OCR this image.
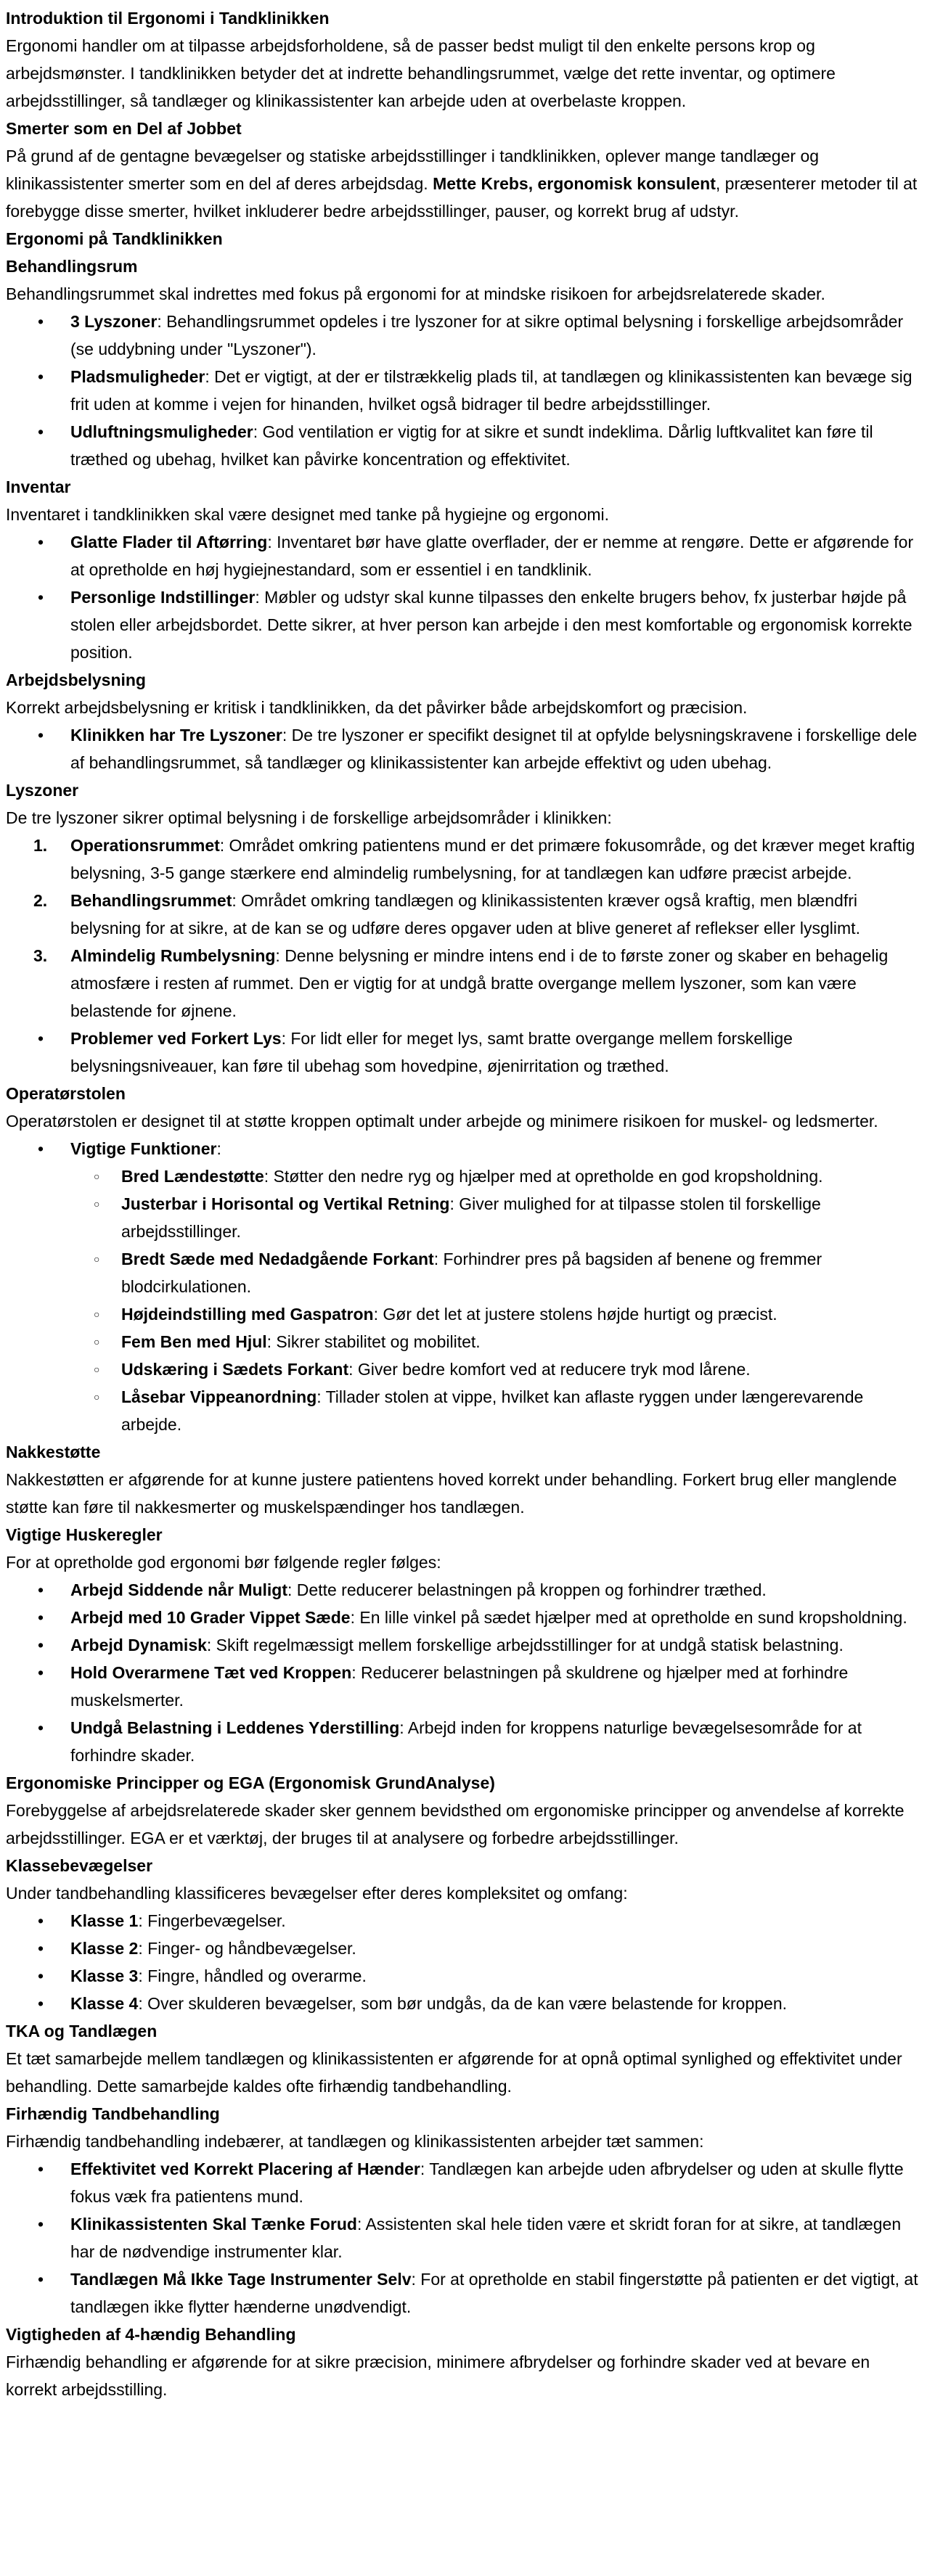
Introduktion til Ergonomi i Tandklinikken
Ergonomi handler om at tilpasse arbejdsforholdene, så de passer bedst muligt til den enkelte persons krop og arbejdsmønster. I tandklinikken betyder det at indrette behandlingsrummet, vælge det rette inventar, og optimere arbejdsstillinger, så tandlæger og klinikassistenter kan arbejde uden at overbelaste kroppen.
Smerter som en Del af Jobbet
På grund af de gentagne bevægelser og statiske arbejdsstillinger i tandklinikken, oplever mange tandlæger og klinikassistenter smerter som en del af deres arbejdsdag. Mette Krebs, ergonomisk konsulent, præsenterer metoder til at forebygge disse smerter, hvilket inkluderer bedre arbejdsstillinger, pauser, og korrekt brug af udstyr.
Ergonomi på Tandklinikken
Behandlingsrum
Behandlingsrummet skal indrettes med fokus på ergonomi for at mindske risikoen for arbejdsrelaterede skader.
• 3 Lyszoner: Behandlingsrummet opdeles i tre lyszoner for at sikre optimal belysning i forskellige arbejdsområder (se uddybning under "Lyszoner").
• Pladsmuligheder: Det er vigtigt, at der er tilstrækkelig plads til, at tandlægen og klinikassistenten kan bevæge sig frit uden at komme i vejen for hinanden, hvilket også bidrager til bedre arbejdsstillinger.
• Udluftningsmuligheder: God ventilation er vigtig for at sikre et sundt indeklima. Dårlig luftkvalitet kan føre til træthed og ubehag, hvilket kan påvirke koncentration og effektivitet.
Inventar
Inventaret i tandklinikken skal være designet med tanke på hygiejne og ergonomi.
• Glatte Flader til Aftørring: Inventaret bør have glatte overflader, der er nemme at rengøre. Dette er afgørende for at opretholde en høj hygiejnestandard, som er essentiel i en tandklinik.
• Personlige Indstillinger: Møbler og udstyr skal kunne tilpasses den enkelte brugers behov, fx justerbar højde på stolen eller arbejdsbordet. Dette sikrer, at hver person kan arbejde i den mest komfortable og ergonomisk korrekte position.
Arbejdsbelysning
Korrekt arbejdsbelysning er kritisk i tandklinikken, da det påvirker både arbejdskomfort og præcision.
• Klinikken har Tre Lyszoner: De tre lyszoner er specifikt designet til at opfylde belysningskravene i forskellige dele af behandlingsrummet, så tandlæger og klinikassistenter kan arbejde effektivt og uden ubehag.
Lyszoner
De tre lyszoner sikrer optimal belysning i de forskellige arbejdsområder i klinikken:
1. Operationsrummet: Området omkring patientens mund er det primære fokusområde, og det kræver meget kraftig belysning, 3-5 gange stærkere end almindelig rumbelysning, for at tandlægen kan udføre præcist arbejde.
2. Behandlingsrummet: Området omkring tandlægen og klinikassistenten kræver også kraftig, men blændfri belysning for at sikre, at de kan se og udføre deres opgaver uden at blive generet af reflekser eller lysglimt.
3. Almindelig Rumbelysning: Denne belysning er mindre intens end i de to første zoner og skaber en behagelig atmosfære i resten af rummet. Den er vigtig for at undgå bratte overgange mellem lyszoner, som kan være belastende for øjnene.
• Problemer ved Forkert Lys: For lidt eller for meget lys, samt bratte overgange mellem forskellige belysningsniveauer, kan føre til ubehag som hovedpine, øjenirritation og træthed.
Operatørstolen
Operatørstolen er designet til at støtte kroppen optimalt under arbejde og minimere risikoen for muskel- og ledsmerter.
• Vigtige Funktioner:
○ Bred Lændestøtte: Støtter den nedre ryg og hjælper med at opretholde en god kropsholdning.
○ Justerbar i Horisontal og Vertikal Retning: Giver mulighed for at tilpasse stolen til forskellige arbejdsstillinger.
○ Bredt Sæde med Nedadgående Forkant: Forhindrer pres på bagsiden af benene og fremmer blodcirkulationen.
○ Højdeindstilling med Gaspatron: Gør det let at justere stolens højde hurtigt og præcist.
○ Fem Ben med Hjul: Sikrer stabilitet og mobilitet.
○ Udskæring i Sædets Forkant: Giver bedre komfort ved at reducere tryk mod lårene.
○ Låsebar Vippeanordning: Tillader stolen at vippe, hvilket kan aflaste ryggen under længerevarende arbejde.
Nakkestøtte
Nakkestøtten er afgørende for at kunne justere patientens hoved korrekt under behandling. Forkert brug eller manglende støtte kan føre til nakkesmerter og muskelspændinger hos tandlægen.
Vigtige Huskeregler
For at opretholde god ergonomi bør følgende regler følges:
• Arbejd Siddende når Muligt: Dette reducerer belastningen på kroppen og forhindrer træthed.
• Arbejd med 10 Grader Vippet Sæde: En lille vinkel på sædet hjælper med at opretholde en sund kropsholdning.
• Arbejd Dynamisk: Skift regelmæssigt mellem forskellige arbejdsstillinger for at undgå statisk belastning.
• Hold Overarmene Tæt ved Kroppen: Reducerer belastningen på skuldrene og hjælper med at forhindre muskelsmerter.
• Undgå Belastning i Leddenes Yderstilling: Arbejd inden for kroppens naturlige bevægelsesområde for at forhindre skader.
Ergonomiske Principper og EGA (Ergonomisk GrundAnalyse)
Forebyggelse af arbejdsrelaterede skader sker gennem bevidsthed om ergonomiske principper og anvendelse af korrekte arbejdsstillinger. EGA er et værktøj, der bruges til at analysere og forbedre arbejdsstillinger.
Klassebevægelser
Under tandbehandling klassificeres bevægelser efter deres kompleksitet og omfang:
• Klasse 1: Fingerbevægelser.
• Klasse 2: Finger- og håndbevægelser.
• Klasse 3: Fingre, håndled og overarme.
• Klasse 4: Over skulderen bevægelser, som bør undgås, da de kan være belastende for kroppen.
TKA og Tandlægen
Et tæt samarbejde mellem tandlægen og klinikassistenten er afgørende for at opnå optimal synlighed og effektivitet under behandling. Dette samarbejde kaldes ofte firhændig tandbehandling.
Firhændig Tandbehandling
Firhændig tandbehandling indebærer, at tandlægen og klinikassistenten arbejder tæt sammen:
• Effektivitet ved Korrekt Placering af Hænder: Tandlægen kan arbejde uden afbrydelser og uden at skulle flytte fokus væk fra patientens mund.
• Klinikassistenten Skal Tænke Forud: Assistenten skal hele tiden være et skridt foran for at sikre, at tandlægen har de nødvendige instrumenter klar.
• Tandlægen Må Ikke Tage Instrumenter Selv: For at opretholde en stabil fingerstøtte på patienten er det vigtigt, at tandlægen ikke flytter hænderne unødvendigt.
Vigtigheden af 4-hændig Behandling
Firhændig behandling er afgørende for at sikre præcision, minimere afbrydelser og forhindre skader ved at bevare en korrekt arbejdsstilling.
